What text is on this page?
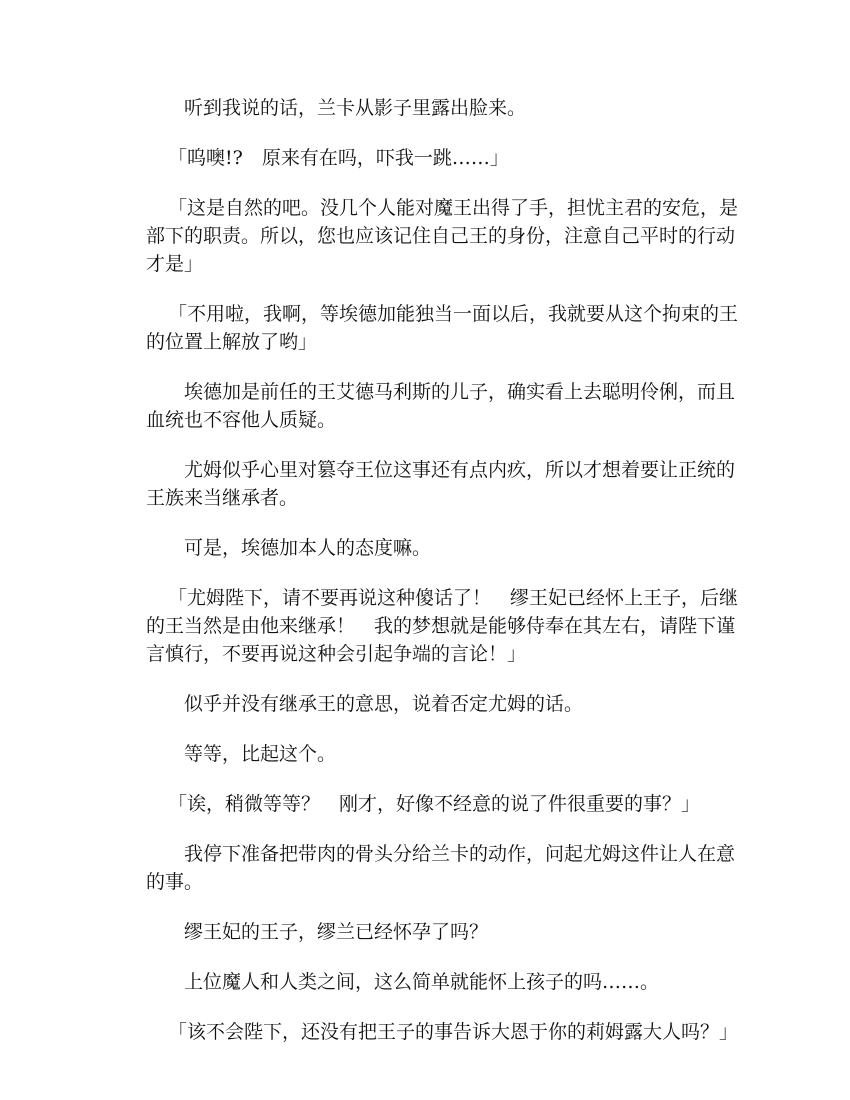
听到我说的话，兰卡从影子里露出脸来。

「呜噢!?　原来有在吗，吓我一跳……」

「这是自然的吧。没几个人能对魔王出得了手，担忧主君的安危，是部下的职责。所以，您也应该记住自己王的身份，注意自己平时的行动才是」

「不用啦，我啊，等埃德加能独当一面以后，我就要从这个拘束的王的位置上解放了哟」

埃德加是前任的王艾德马利斯的儿子，确实看上去聪明伶俐，而且血统也不容他人质疑。

尤姆似乎心里对篡夺王位这事还有点内疚，所以才想着要让正统的王族来当继承者。

可是，埃德加本人的态度嘛。

「尤姆陛下，请不要再说这种傻话了！　缪王妃已经怀上王子，后继的王当然是由他来继承！　我的梦想就是能够侍奉在其左右，请陛下谨言慎行，不要再说这种会引起争端的言论！」

似乎并没有继承王的意思，说着否定尤姆的话。

等等，比起这个。

「诶，稍微等等？　刚才，好像不经意的说了件很重要的事？」

我停下准备把带肉的骨头分给兰卡的动作，问起尤姆这件让人在意的事。

缪王妃的王子，缪兰已经怀孕了吗？

上位魔人和人类之间，这么简单就能怀上孩子的吗……。

「该不会陛下，还没有把王子的事告诉大恩于你的莉姆露大人吗？」
